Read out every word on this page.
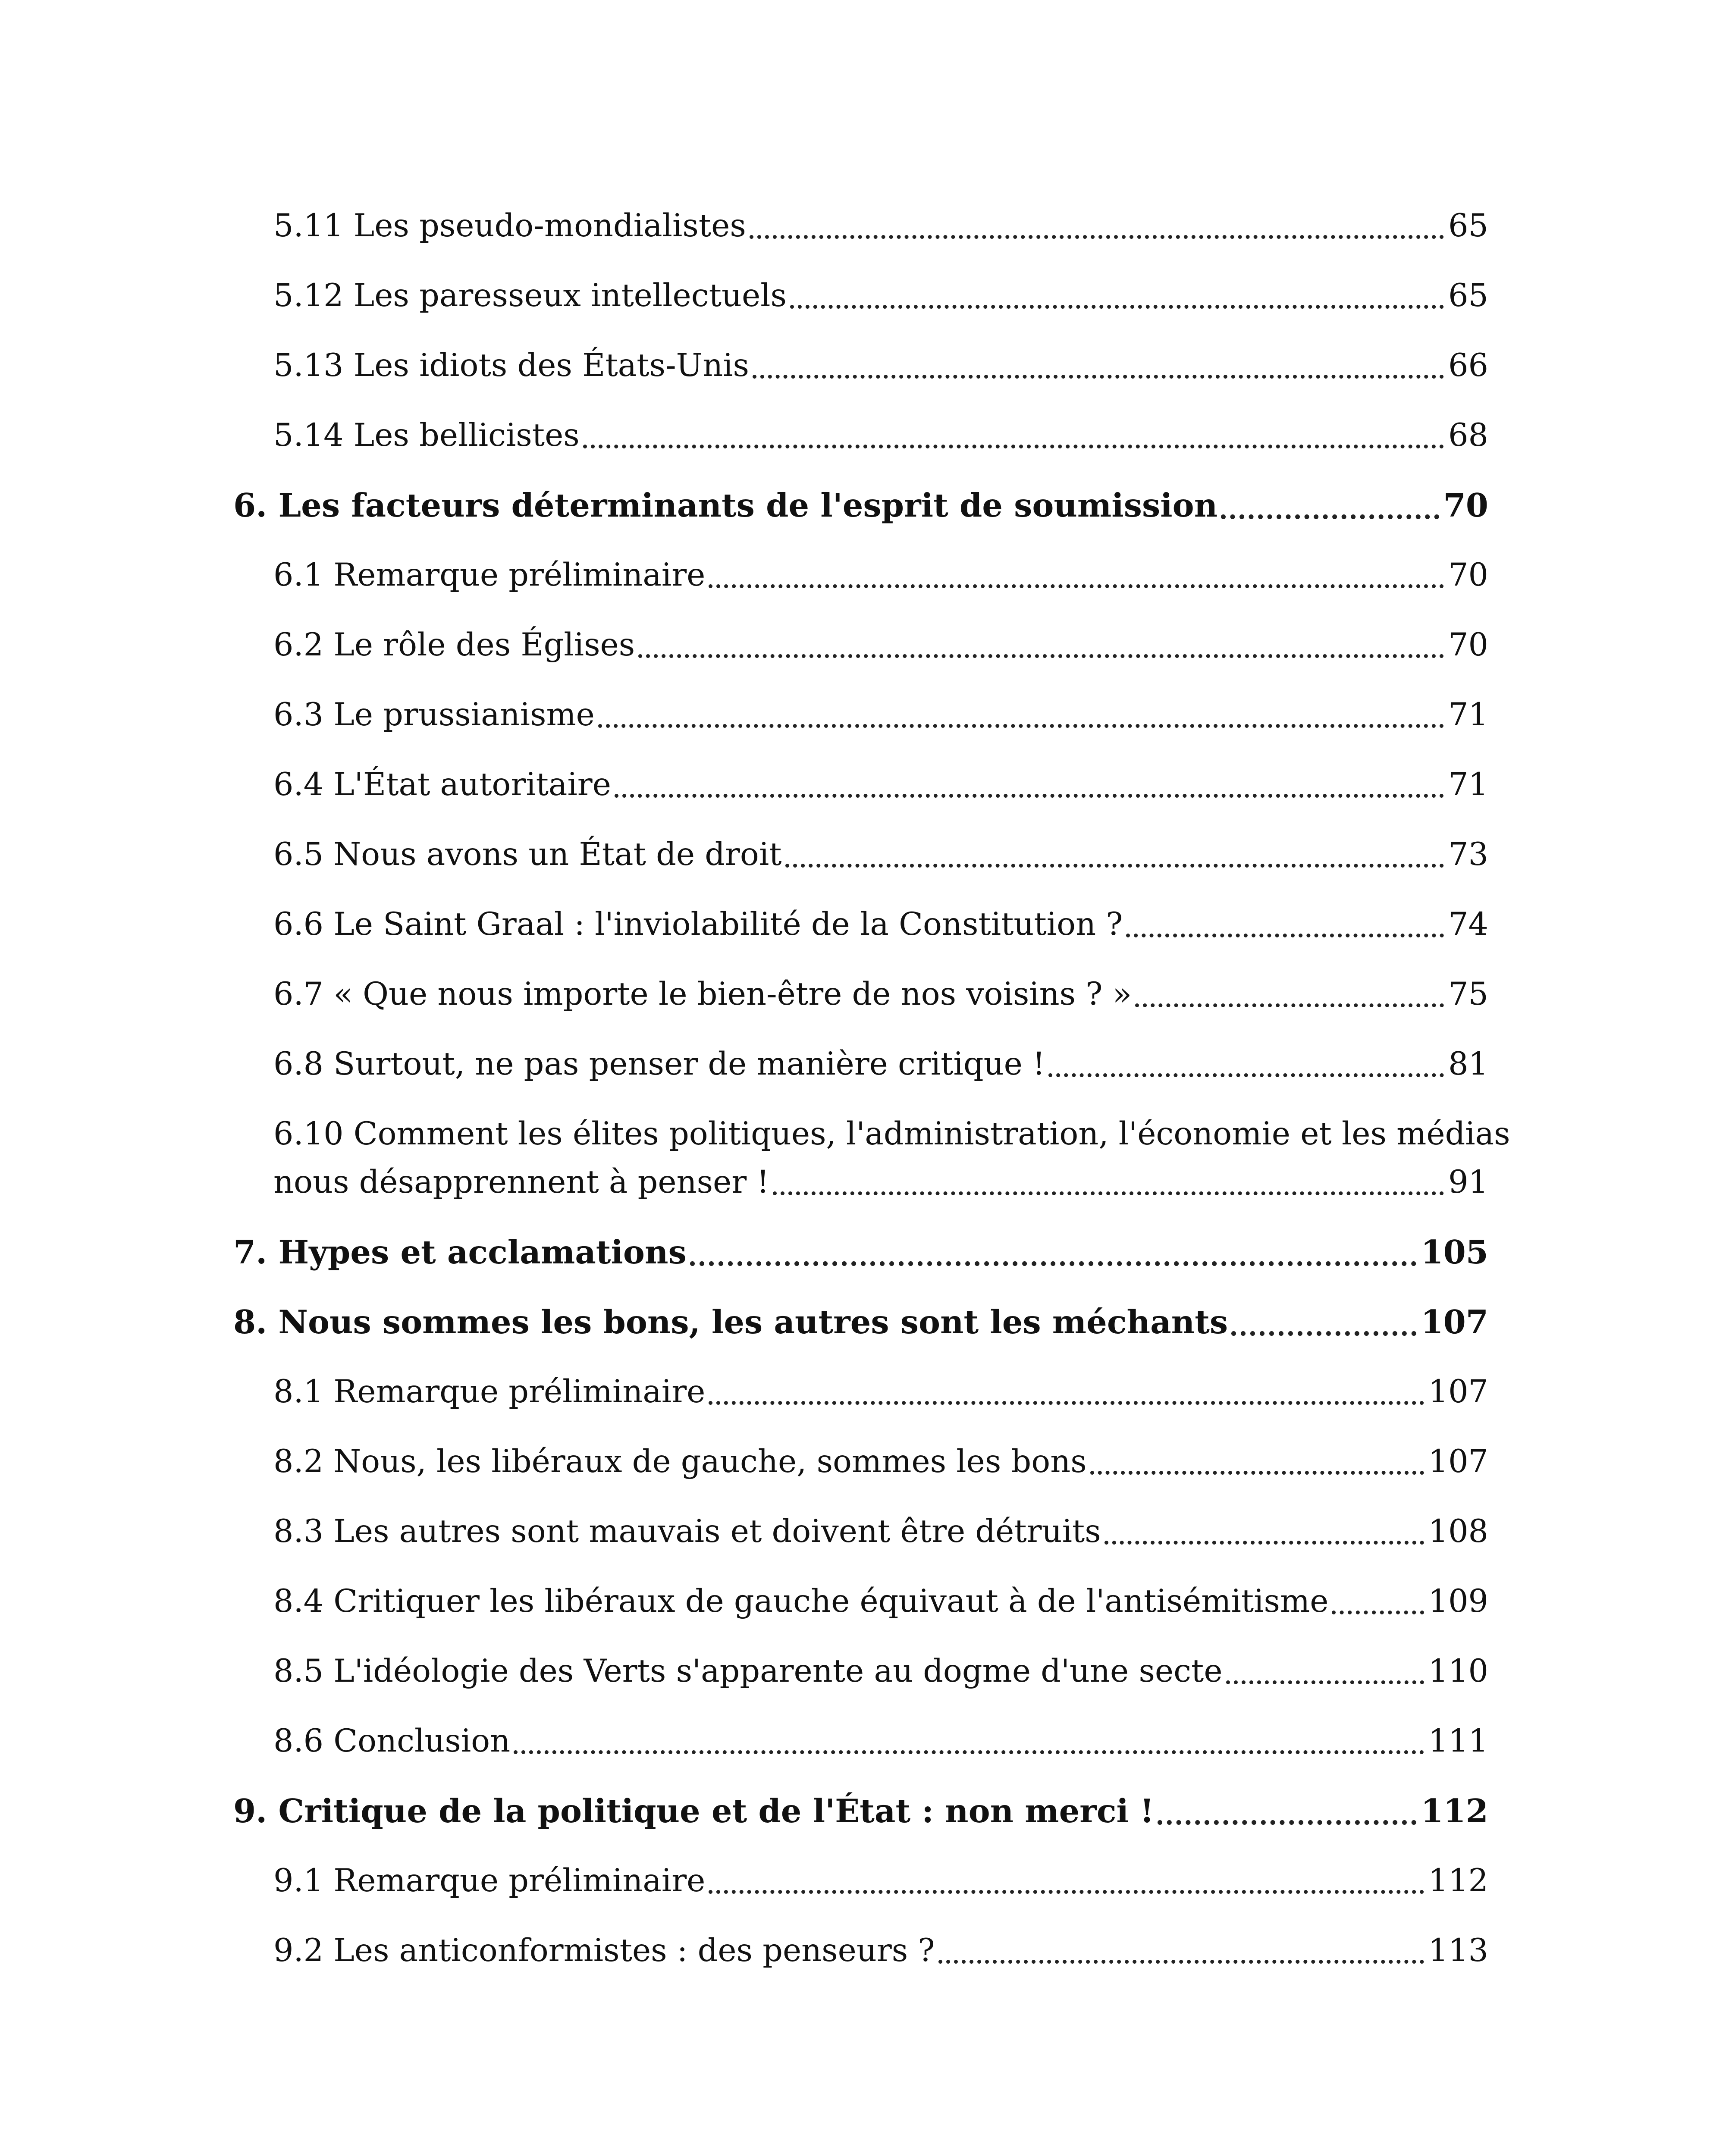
5.11 Les pseudo-mondialistes	65
5.12 Les paresseux intellectuels	65
5.13 Les idiots des États-Unis	66
5.14 Les bellicistes	68
6. Les facteurs déterminants de l'esprit de soumission	70
6.1 Remarque préliminaire	70
6.2 Le rôle des Églises	70
6.3 Le prussianisme	71
6.4 L'État autoritaire	71
6.5 Nous avons un État de droit	73
6.6 Le Saint Graal : l'inviolabilité de la Constitution ?	74
6.7 « Que nous importe le bien-être de nos voisins ? »	75
6.8 Surtout, ne pas penser de manière critique !	81
6.10 Comment les élites politiques, l'administration, l'économie et les médias
nous désapprennent à penser !	91
7. Hypes et acclamations	105
8. Nous sommes les bons, les autres sont les méchants	107
8.1 Remarque préliminaire	107
8.2 Nous, les libéraux de gauche, sommes les bons	107
8.3 Les autres sont mauvais et doivent être détruits	108
8.4 Critiquer les libéraux de gauche équivaut à de l'antisémitisme	109
8.5 L'idéologie des Verts s'apparente au dogme d'une secte	110
8.6 Conclusion	111
9. Critique de la politique et de l'État : non merci !	112
9.1 Remarque préliminaire	112
9.2 Les anticonformistes : des penseurs ?	113
